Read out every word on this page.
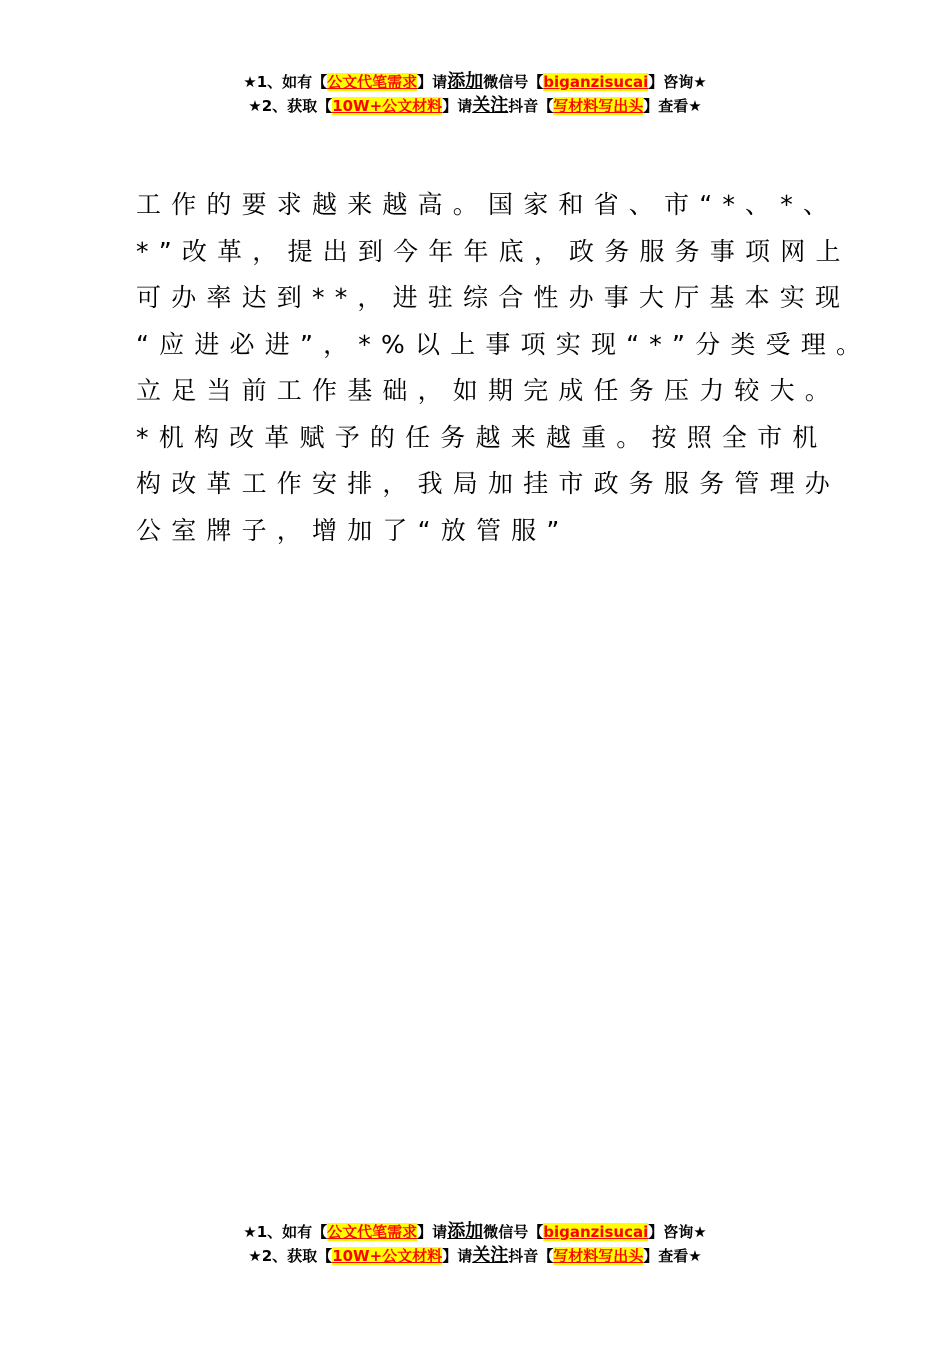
★1、如有【公文代笔需求】请添加微信号【biganzisucai】咨询★
★2、获取【10W+公文材料】请关注抖音【写材料写出头】查看★
工作的要求越来越高。国家和省、市“*、*、
*”改革，提出到今年年底，政务服务事项网上
可办率达到**，进驻综合性办事大厅基本实现
“应进必进”，*%以上事项实现“*”分类受理。
立足当前工作基础，如期完成任务压力较大。
*机构改革赋予的任务越来越重。按照全市机
构改革工作安排，我局加挂市政务服务管理办
公室牌子，增加了“放管服”
★1、如有【公文代笔需求】请添加微信号【biganzisucai】咨询★
★2、获取【10W+公文材料】请关注抖音【写材料写出头】查看★
